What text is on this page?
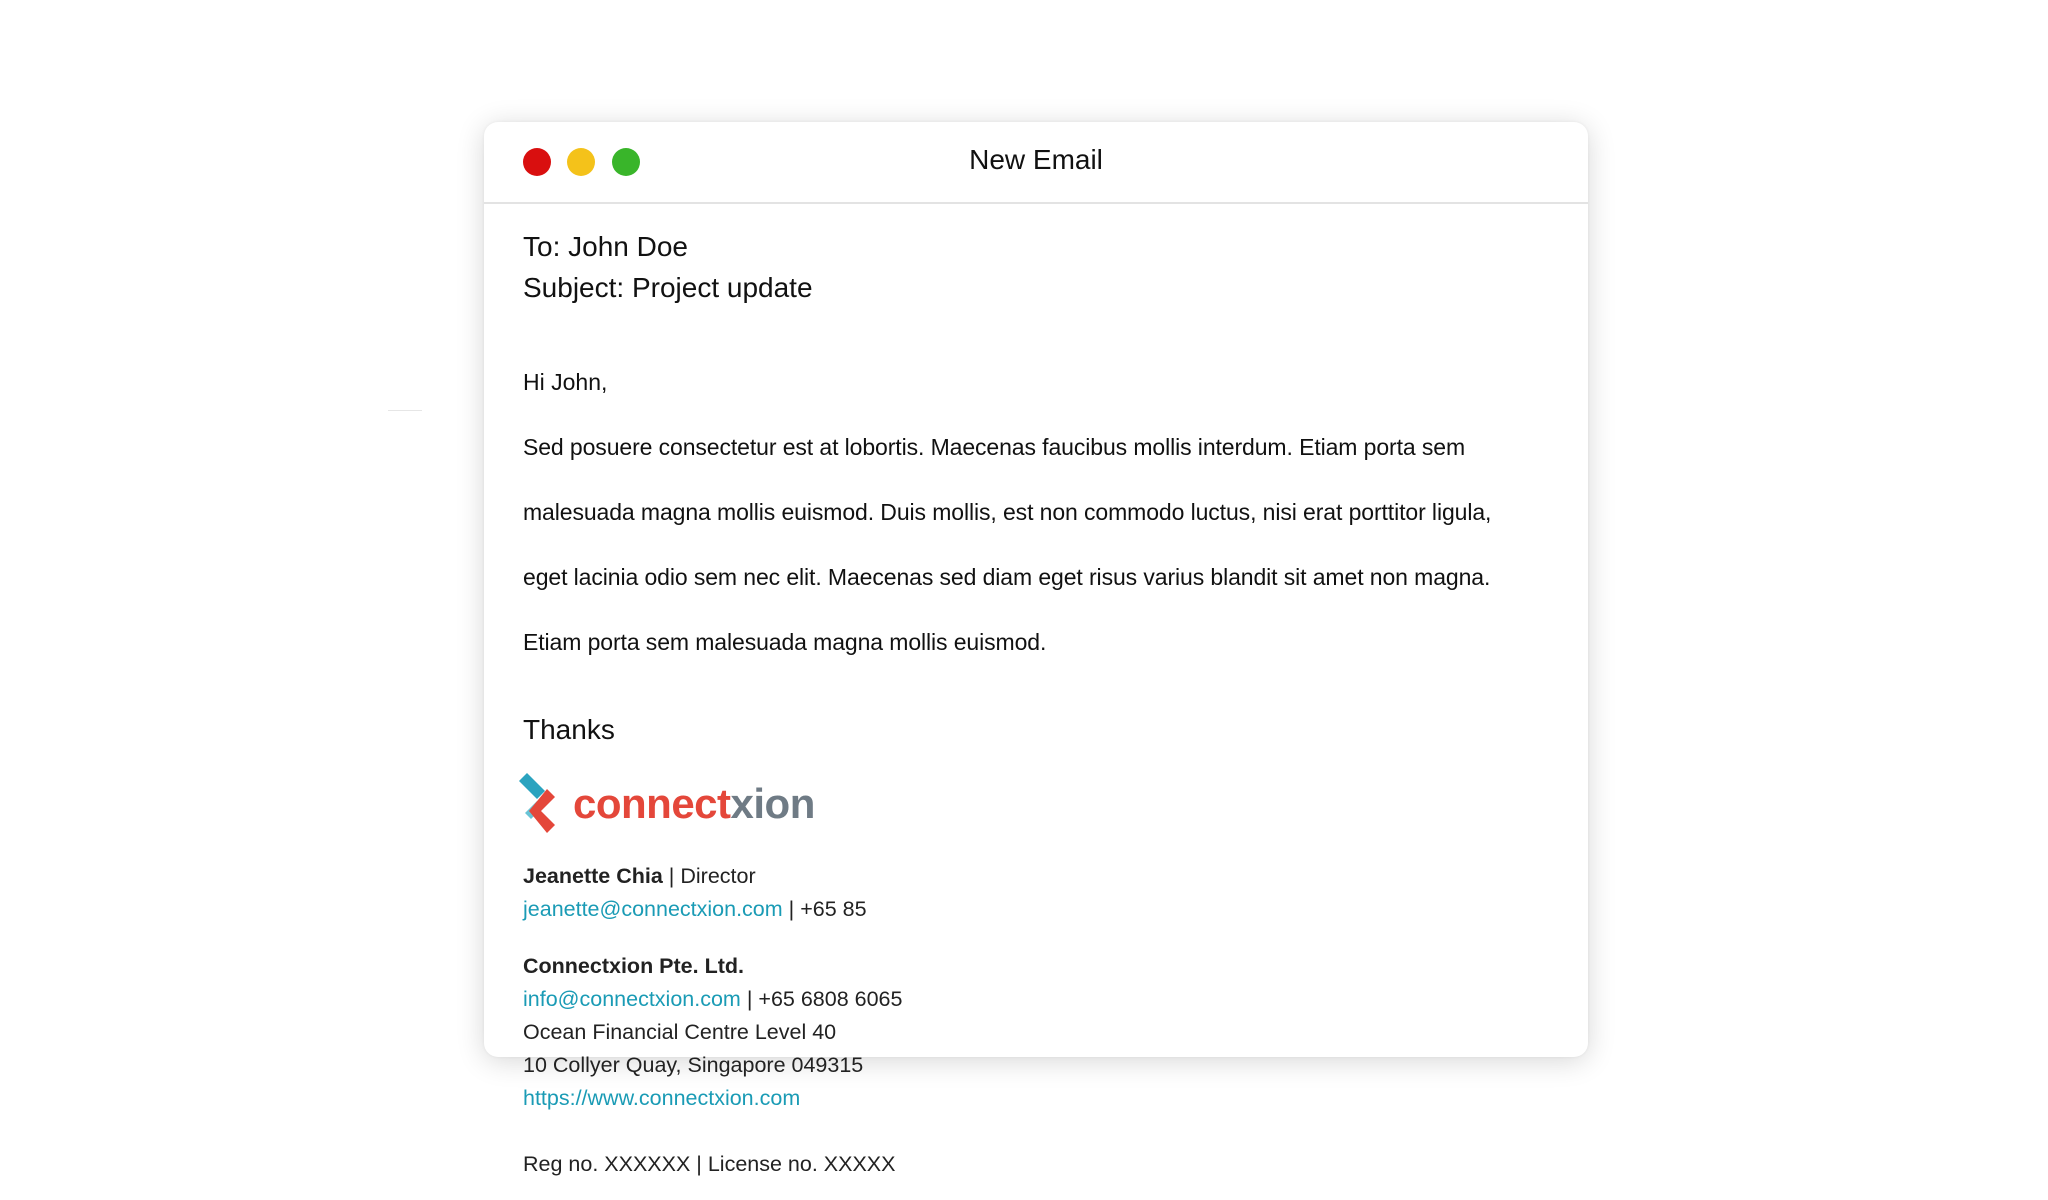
New Email
To: John Doe
Subject: Project update
Hi John,

Sed posuere consectetur est at lobortis. Maecenas faucibus mollis interdum. Etiam porta sem

malesuada magna mollis euismod. Duis mollis, est non commodo luctus, nisi erat porttitor ligula,

eget lacinia odio sem nec elit. Maecenas sed diam eget risus varius blandit sit amet non magna.

Etiam porta sem malesuada magna mollis euismod.

Thanks
connectxion
Jeanette Chia | Director
jeanette@connectxion.com | +65 85
Connectxion Pte. Ltd.
info@connectxion.com | +65 6808 6065
Ocean Financial Centre Level 40
10 Collyer Quay, Singapore 049315
https://www.connectxion.com
Reg no. XXXXXX | License no. XXXXX
